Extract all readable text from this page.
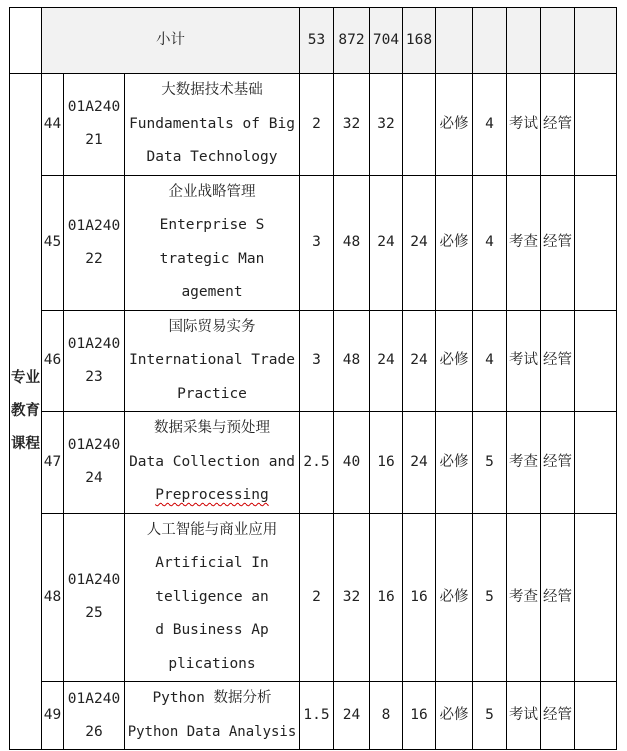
	小计			53	872	704	168					
专业教育课程	44	01A24021	大数据技术基础
Fundamentals of Big Data Technology	2	32	32		必修	4	考试	经管	
	45	01A24022	企业战略管理
Enterprise Strategic Management	3	48	24	24	必修	4	考查	经管	
	46	01A24023	国际贸易实务
International Trade Practice	3	48	24	24	必修	4	考试	经管	
	47	01A24024	数据采集与预处理
Data Collection and Preprocessing	2.5	40	16	24	必修	5	考查	经管	
	48	01A24025	人工智能与商业应用
Artificial Intelligence and Business Applications	2	32	16	16	必修	5	考查	经管	
	49	01A24026	Python 数据分析
Python Data Analysis	1.5	24	8	16	必修	5	考试	经管	
